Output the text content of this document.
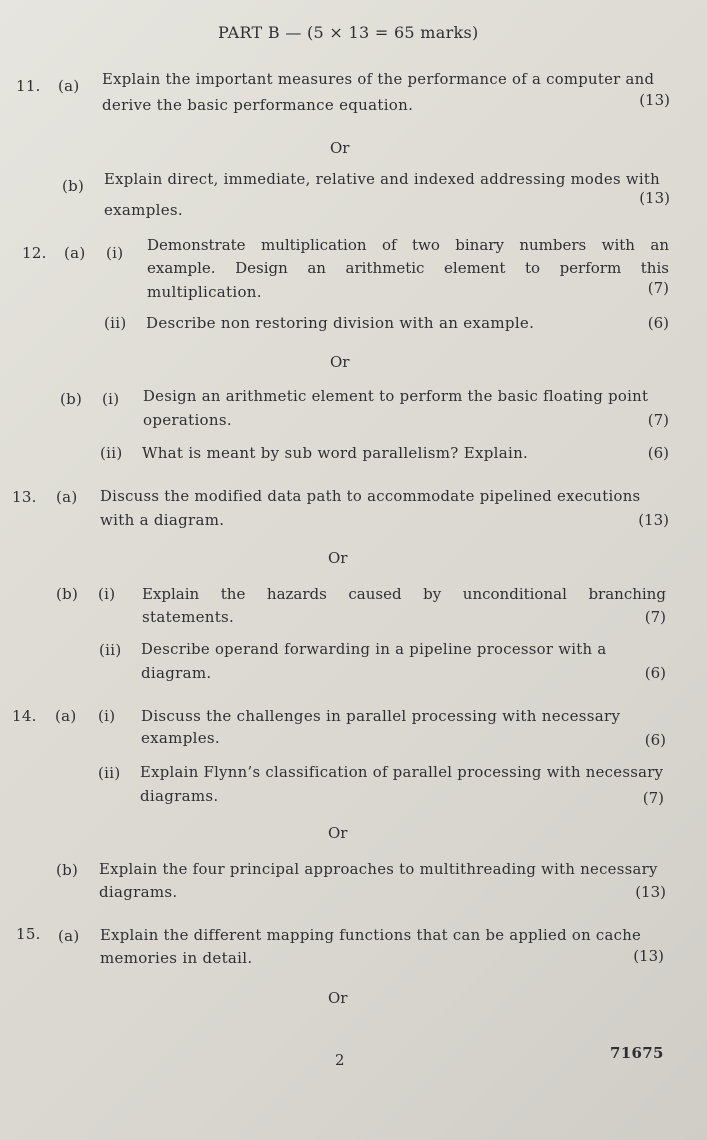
PART B — (5 × 13 = 65 marks)
11. (a) Explain the important measures of the performance of a computer and
derive the basic performance equation.	(13)
Or
(b) Explain direct, immediate, relative and indexed addressing modes with
examples.
(13)
12. (a) (i) Demonstrate multiplication of two binary numbers with an
example. Design an arithmetic element to perform this
multiplication.	(7)
(ii) Describe non restoring division with an example.	(6)
Or
(b) (i) Design an arithmetic element to perform the basic floating point
operations.	(7)
(ii) What is meant by sub word parallelism? Explain.	(6)
13. (a) Discuss the modified data path to accommodate pipelined executions
with a diagram.	(13)
Or
(b) (i) Explain the hazards caused by unconditional branching
statements.	(7)
(ii) Describe operand forwarding in a pipeline processor with a
diagram.	(6)
14. (a) (i) Discuss the challenges in parallel processing with necessary
examples.	(6)
(ii) Explain Flynn’s classification of parallel processing with necessary
diagrams.	(7)
Or
(b) Explain the four principal approaches to multithreading with necessary
diagrams.	(13)
15. (a) Explain the different mapping functions that can be applied on cache
memories in detail.	(13)
Or
2	71675
